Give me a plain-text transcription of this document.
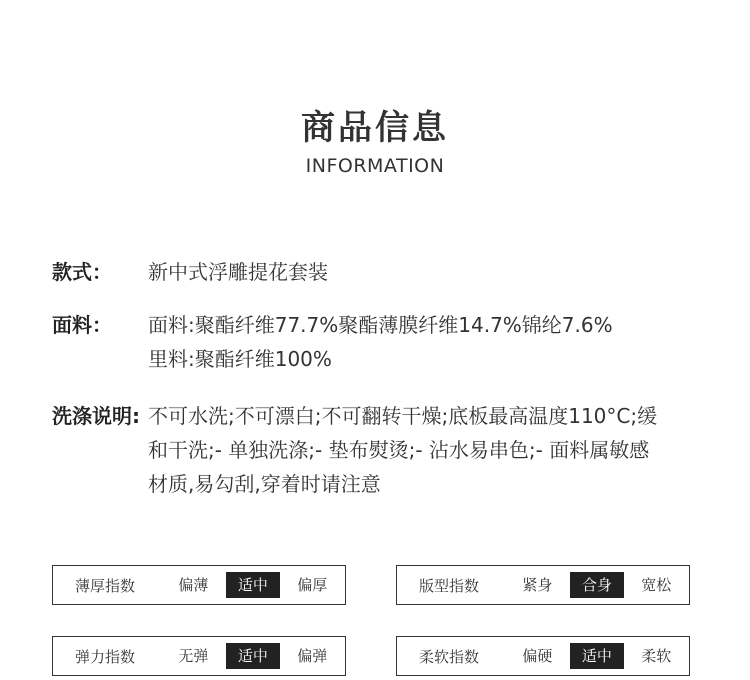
商品信息
INFORMATION
款式：	新中式浮雕提花套装
面料：	面料:聚酯纤维77.7%聚酯薄膜纤维14.7%锦纶7.6%
里料:聚酯纤维100%
洗涤说明: 不可水洗;不可漂白;不可翻转干燥;底板最高温度110°C;缓
和干洗;- 单独洗涤;- 垫布熨烫;- 沾水易串色;- 面料属敏感
材质,易勾刮,穿着时请注意
薄厚指数	偏薄	适中	偏厚	版型指数	紧身	合身	宽松
弹力指数	无弹	适中	偏弹	柔软指数	偏硬	适中	柔软
